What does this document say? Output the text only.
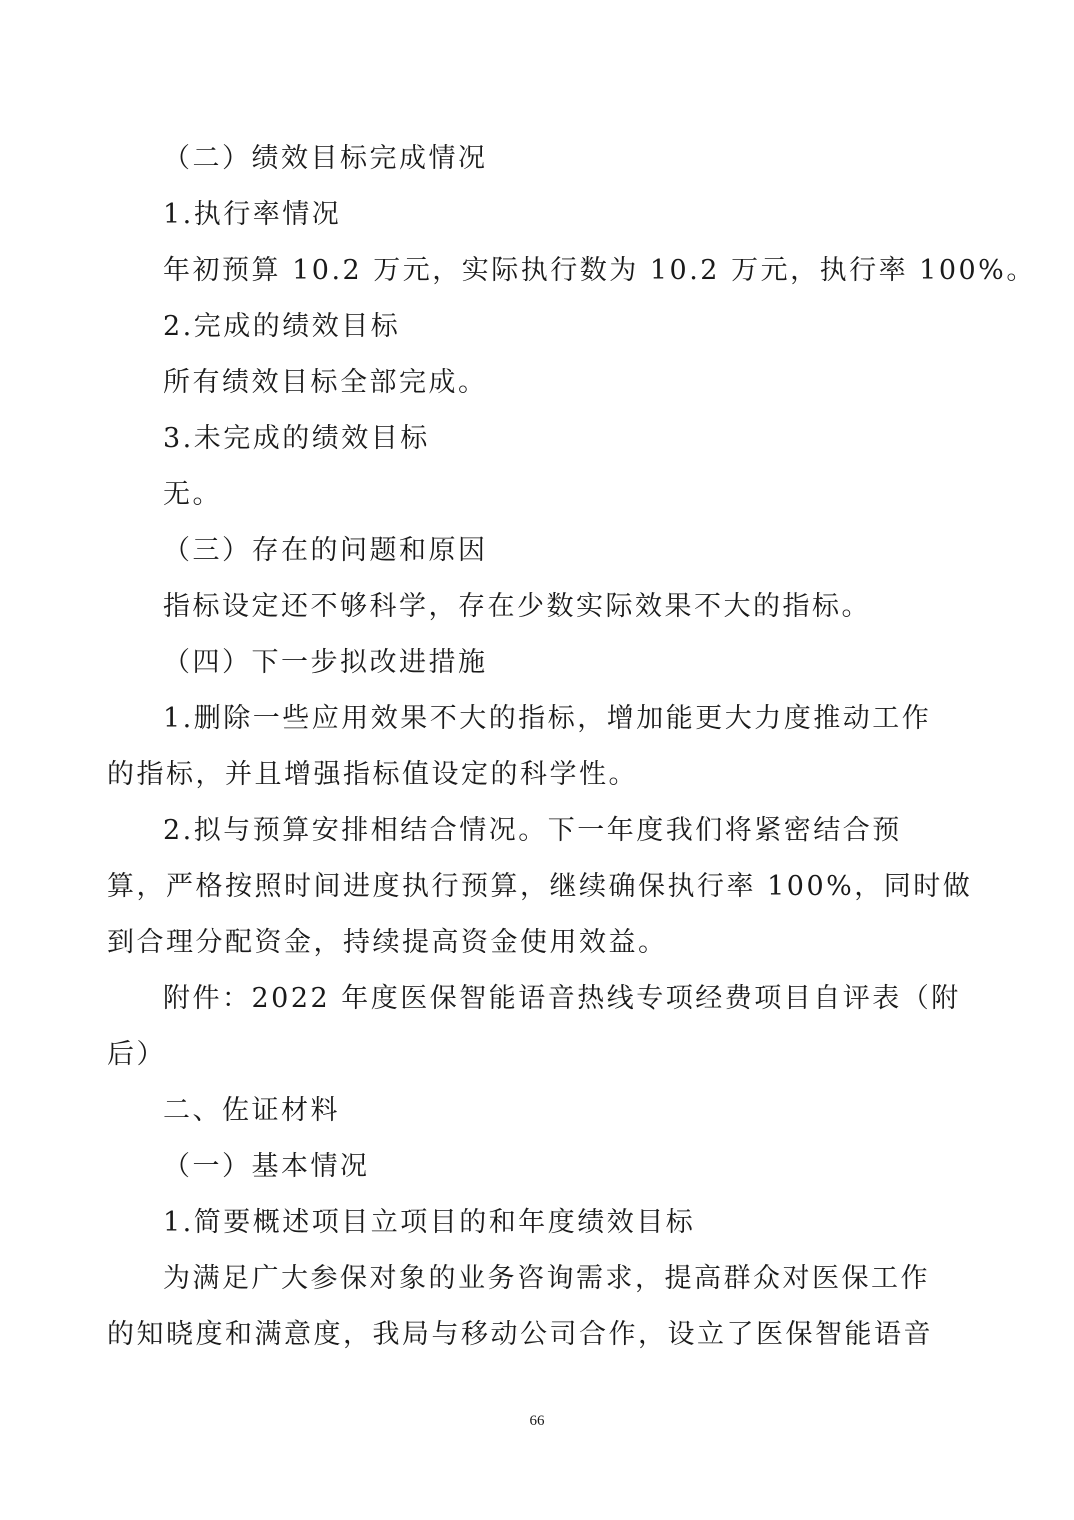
（二）绩效目标完成情况
1.执行率情况
年初预算 10.2 万元，实际执行数为 10.2 万元，执行率 100%。
2.完成的绩效目标
所有绩效目标全部完成。
3.未完成的绩效目标
无。
（三）存在的问题和原因
指标设定还不够科学，存在少数实际效果不大的指标。
（四）下一步拟改进措施
1.删除一些应用效果不大的指标，增加能更大力度推动工作
的指标，并且增强指标值设定的科学性。
2.拟与预算安排相结合情况。下一年度我们将紧密结合预
算，严格按照时间进度执行预算，继续确保执行率 100%，同时做
到合理分配资金，持续提高资金使用效益。
附件：2022 年度医保智能语音热线专项经费项目自评表（附
后）
二、佐证材料
（一）基本情况
1.简要概述项目立项目的和年度绩效目标
为满足广大参保对象的业务咨询需求，提高群众对医保工作
的知晓度和满意度，我局与移动公司合作，设立了医保智能语音
66
